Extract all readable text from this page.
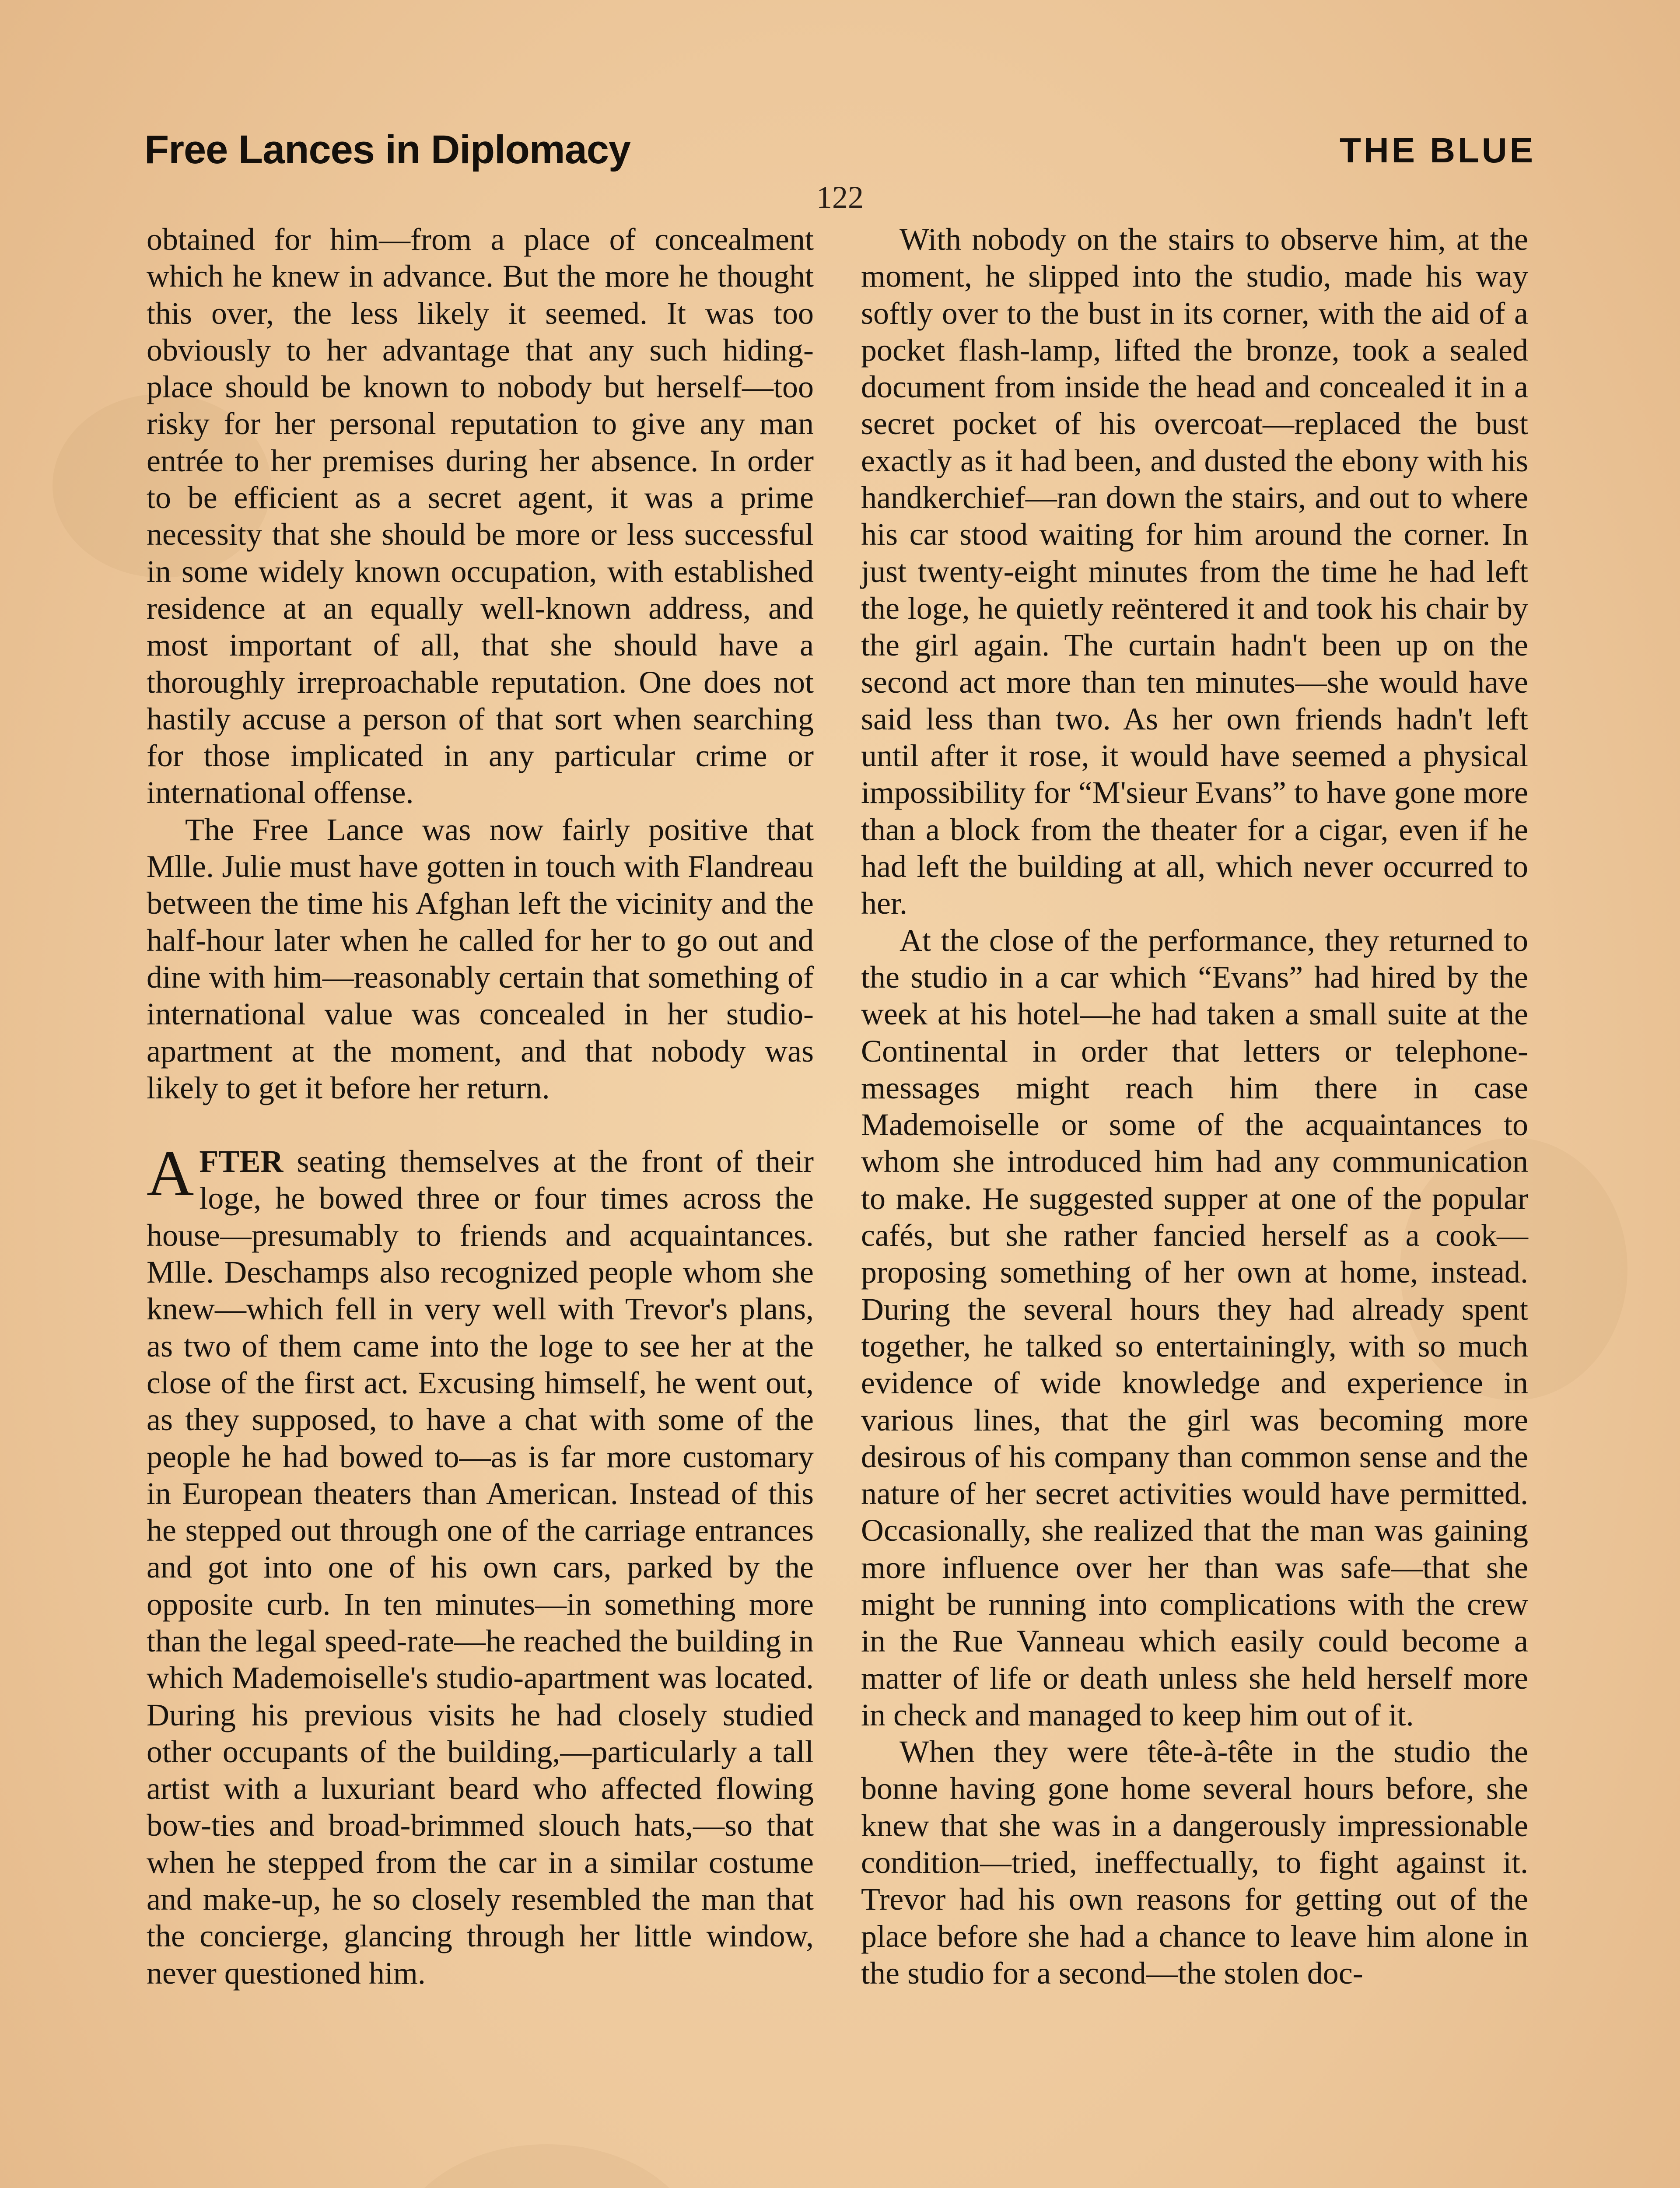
Free Lances in Diplomacy	THE BLUE
122

obtained for him—from a place of concealment which he knew in advance. But the more he thought this over, the less likely it seemed. It was too obviously to her advantage that any such hiding-place should be known to nobody but herself—too risky for her personal reputation to give any man entrée to her premises during her absence. In order to be efficient as a secret agent, it was a prime necessity that she should be more or less successful in some widely known occupation, with established residence at an equally well-known address, and most important of all, that she should have a thoroughly irreproachable reputation. One does not hastily accuse a person of that sort when searching for those implicated in any particular crime or international offense.

The Free Lance was now fairly positive that Mlle. Julie must have gotten in touch with Flandreau between the time his Afghan left the vicinity and the half-hour later when he called for her to go out and dine with him—reasonably certain that something of international value was concealed in her studio-apartment at the moment, and that nobody was likely to get it before her return.

AFTER seating themselves at the front of their loge, he bowed three or four times across the house—presumably to friends and acquaintances. Mlle. Deschamps also recognized people whom she knew—which fell in very well with Trevor's plans, as two of them came into the loge to see her at the close of the first act. Excusing himself, he went out, as they supposed, to have a chat with some of the people he had bowed to—as is far more customary in European theaters than American. Instead of this he stepped out through one of the carriage entrances and got into one of his own cars, parked by the opposite curb. In ten minutes—in something more than the legal speed-rate—he reached the building in which Mademoiselle's studio-apartment was located. During his previous visits he had closely studied other occupants of the building,—particularly a tall artist with a luxuriant beard who affected flowing bow-ties and broad-brimmed slouch hats,—so that when he stepped from the car in a similar costume and make-up, he so closely resembled the man that the concierge, glancing through her little window, never questioned him.

With nobody on the stairs to observe him, at the moment, he slipped into the studio, made his way softly over to the bust in its corner, with the aid of a pocket flash-lamp, lifted the bronze, took a sealed document from inside the head and concealed it in a secret pocket of his overcoat—replaced the bust exactly as it had been, and dusted the ebony with his handkerchief—ran down the stairs, and out to where his car stood waiting for him around the corner. In just twenty-eight minutes from the time he had left the loge, he quietly reëntered it and took his chair by the girl again. The curtain hadn't been up on the second act more than ten minutes—she would have said less than two. As her own friends hadn't left until after it rose, it would have seemed a physical impossibility for “M'sieur Evans” to have gone more than a block from the theater for a cigar, even if he had left the building at all, which never occurred to her.

At the close of the performance, they returned to the studio in a car which “Evans” had hired by the week at his hotel—he had taken a small suite at the Continental in order that letters or telephone-messages might reach him there in case Mademoiselle or some of the acquaintances to whom she introduced him had any communication to make. He suggested supper at one of the popular cafés, but she rather fancied herself as a cook—proposing something of her own at home, instead. During the several hours they had already spent together, he talked so entertainingly, with so much evidence of wide knowledge and experience in various lines, that the girl was becoming more desirous of his company than common sense and the nature of her secret activities would have permitted. Occasionally, she realized that the man was gaining more influence over her than was safe—that she might be running into complications with the crew in the Rue Vanneau which easily could become a matter of life or death unless she held herself more in check and managed to keep him out of it.

When they were tête-à-tête in the studio the bonne having gone home several hours before, she knew that she was in a dangerously impressionable condition—tried, ineffectually, to fight against it. Trevor had his own reasons for getting out of the place before she had a chance to leave him alone in the studio for a second—the stolen doc-
